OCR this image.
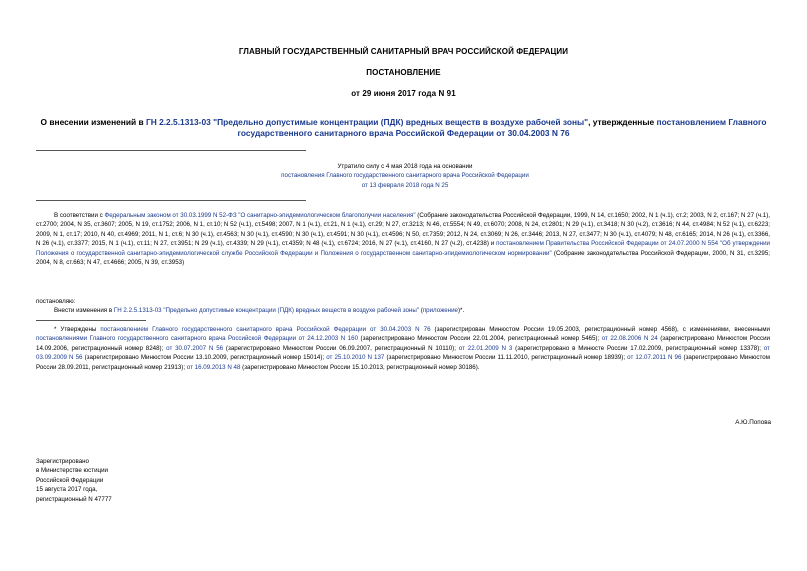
ГЛАВНЫЙ ГОСУДАРСТВЕННЫЙ САНИТАРНЫЙ ВРАЧ РОССИЙСКОЙ ФЕДЕРАЦИИ
ПОСТАНОВЛЕНИЕ
от 29 июня 2017 года N 91
О внесении изменений в ГН 2.2.5.1313-03 "Предельно допустимые концентрации (ПДК) вредных веществ в воздухе рабочей зоны", утвержденные постановлением Главного государственного санитарного врача Российской Федерации от 30.04.2003 N 76
Утратило силу с 4 мая 2018 года на основании
постановления Главного государственного санитарного врача Российской Федерации
от 13 февраля 2018 года N 25
В соответствии с Федеральным законом от 30.03.1999 N 52-ФЗ "О санитарно-эпидемиологическом благополучии населения" (Собрание законодательства Российской Федерации, 1999, N 14, ст.1650; 2002, N 1 (ч.1), ст.2; 2003, N 2, ст.167; N 27 (ч.1), ст.2700; 2004, N 35, ст.3607; 2005, N 19, ст.1752; 2006, N 1, ст.10; N 52 (ч.1), ст.5498; 2007, N 1 (ч.1), ст.21, N 1 (ч.1), ст.29; N 27, ст.3213; N 46, ст.5554; N 49, ст.6070; 2008, N 24, ст.2801; N 29 (ч.1), ст.3418; N 30 (ч.2), ст.3616; N 44, ст.4984; N 52 (ч.1), ст.6223; 2009, N 1, ст.17; 2010, N 40, ст.4969; 2011, N 1, ст.6; N 30 (ч.1), ст.4563; N 30 (ч.1), ст.4590; N 30 (ч.1), ст.4591; N 30 (ч.1), ст.4596; N 50, ст.7359; 2012, N 24, ст.3069; N 26, ст.3446; 2013, N 27, ст.3477; N 30 (ч.1), ст.4079; N 48, ст.6165; 2014, N 26 (ч.1), ст.3366, N 26 (ч.1), ст.3377; 2015, N 1 (ч.1), ст.11; N 27, ст.3951; N 29 (ч.1), ст.4339; N 29 (ч.1), ст.4359; N 48 (ч.1), ст.6724; 2016, N 27 (ч.1), ст.4160, N 27 (ч.2), ст.4238) и постановлением Правительства Российской Федерации от 24.07.2000 N 554 "Об утверждении Положения о государственной санитарно-эпидемиологической службе Российской Федерации и Положения о государственном санитарно-эпидемиологическом нормировании" (Собрание законодательства Российской Федерации, 2000, N 31, ст.3295; 2004, N 8, ст.663; N 47, ст.4666; 2005, N 39, ст.3953)
постановляю:
Внести изменения в ГН 2.2.5.1313-03 "Предельно допустимые концентрации (ПДК) вредных веществ в воздухе рабочей зоны" (приложение)*.
* Утверждены постановлением Главного государственного санитарного врача Российской Федерации от 30.04.2003 N 76 (зарегистрирован Минюстом России 19.05.2003, регистрационный номер 4568), с изменениями, внесенными постановлениями Главного государственного санитарного врача Российской Федерации от 24.12.2003 N 160 (зарегистрировано Минюстом России 22.01.2004, регистрационный номер 5465); от 22.08.2006 N 24 (зарегистрировано Минюстом России 14.09.2006, регистрационный номер 8248); от 30.07.2007 N 56 (зарегистрировано Минюстом России 06.09.2007, регистрационный N 10110); от 22.01.2009 N 3 (зарегистрировано в Минюсте России 17.02.2009, регистрационный номер 13378); от 03.09.2009 N 56 (зарегистрировано Минюстом России 13.10.2009, регистрационный номер 15014); от 25.10.2010 N 137 (зарегистрировано Минюстом России 11.11.2010, регистрационный номер 18939); от 12.07.2011 N 96 (зарегистрировано Минюстом России 28.09.2011, регистрационный номер 21913); от 16.09.2013 N 48 (зарегистрировано Минюстом России 15.10.2013, регистрационный номер 30186).
А.Ю.Попова
Зарегистрировано
в Министерстве юстиции
Российской Федерации
15 августа 2017 года,
регистрационный N 47777
